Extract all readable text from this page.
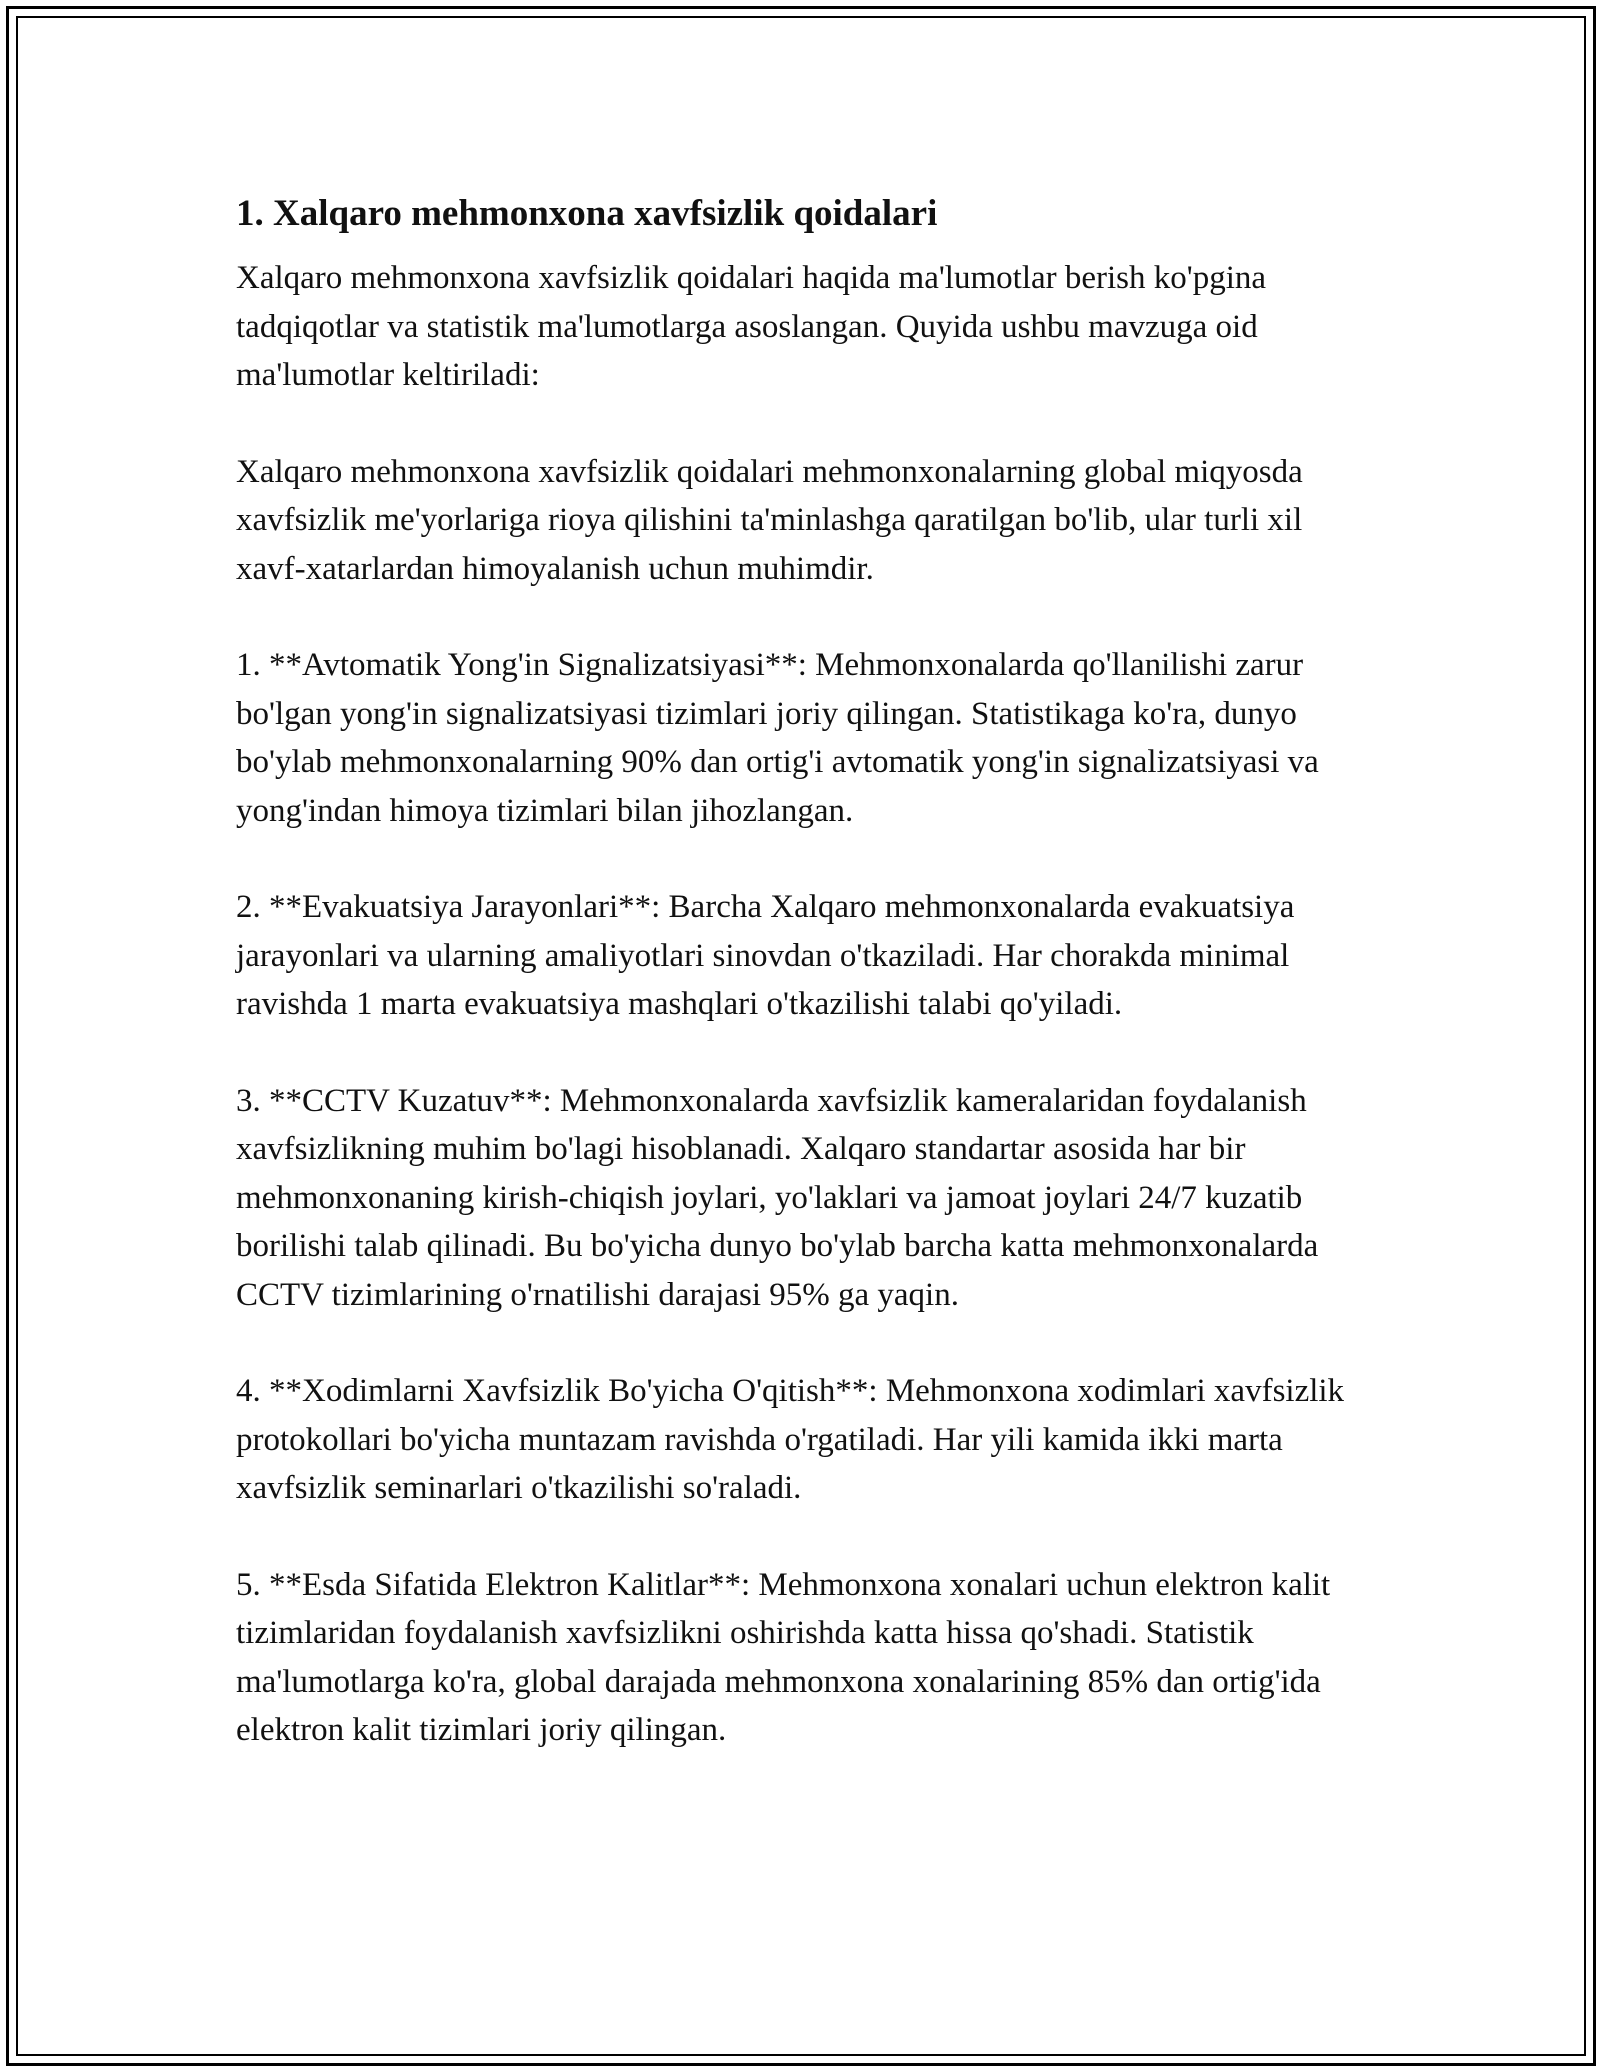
1. Xalqaro mehmonxona xavfsizlik qoidalari

Xalqaro mehmonxona xavfsizlik qoidalari haqida ma'lumotlar berish ko'pgina tadqiqotlar va statistik ma'lumotlarga asoslangan. Quyida ushbu mavzuga oid ma'lumotlar keltiriladi:

Xalqaro mehmonxona xavfsizlik qoidalari mehmonxonalarning global miqyosda xavfsizlik me'yorlariga rioya qilishini ta'minlashga qaratilgan bo'lib, ular turli xil xavf-xatarlardan himoyalanish uchun muhimdir.

1. **Avtomatik Yong'in Signalizatsiyasi**: Mehmonxonalarda qo'llanilishi zarur bo'lgan yong'in signalizatsiyasi tizimlari joriy qilingan. Statistikaga ko'ra, dunyo bo'ylab mehmonxonalarning 90% dan ortig'i avtomatik yong'in signalizatsiyasi va yong'indan himoya tizimlari bilan jihozlangan.

2. **Evakuatsiya Jarayonlari**: Barcha Xalqaro mehmonxonalarda evakuatsiya jarayonlari va ularning amaliyotlari sinovdan o'tkaziladi. Har chorakda minimal ravishda 1 marta evakuatsiya mashqlari o'tkazilishi talabi qo'yiladi.

3. **CCTV Kuzatuv**: Mehmonxonalarda xavfsizlik kameralaridan foydalanish xavfsizlikning muhim bo'lagi hisoblanadi. Xalqaro standartar asosida har bir mehmonxonaning kirish-chiqish joylari, yo'laklari va jamoat joylari 24/7 kuzatib borilishi talab qilinadi. Bu bo'yicha dunyo bo'ylab barcha katta mehmonxonalarda CCTV tizimlarining o'rnatilishi darajasi 95% ga yaqin.

4. **Xodimlarni Xavfsizlik Bo'yicha O'qitish**: Mehmonxona xodimlari xavfsizlik protokollari bo'yicha muntazam ravishda o'rgatiladi. Har yili kamida ikki marta xavfsizlik seminarlari o'tkazilishi so'raladi.

5. **Esda Sifatida Elektron Kalitlar**: Mehmonxona xonalari uchun elektron kalit tizimlaridan foydalanish xavfsizlikni oshirishda katta hissa qo'shadi. Statistik ma'lumotlarga ko'ra, global darajada mehmonxona xonalarining 85% dan ortig'ida elektron kalit tizimlari joriy qilingan.
